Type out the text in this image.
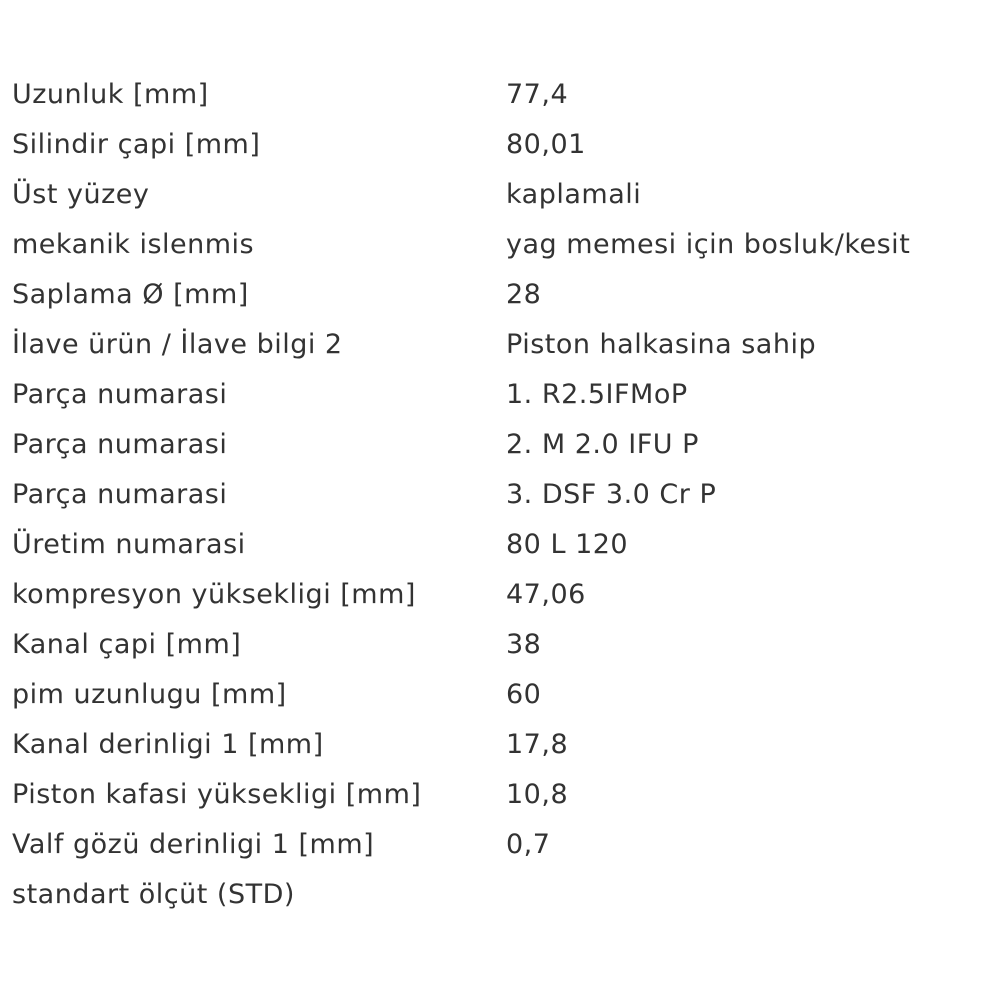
Uzunluk [mm]	77,4
Silindir çapi [mm]	80,01
Üst yüzey	kaplamali
mekanik islenmis	yag memesi için bosluk/kesit
Saplama Ø [mm]	28
İlave ürün / İlave bilgi 2	Piston halkasina sahip
Parça numarasi	1. R2.5IFMoP
Parça numarasi	2. M 2.0 IFU P
Parça numarasi	3. DSF 3.0 Cr P
Üretim numarasi	80 L 120
kompresyon yüksekligi [mm]	47,06
Kanal çapi [mm]	38
pim uzunlugu [mm]	60
Kanal derinligi 1 [mm]	17,8
Piston kafasi yüksekligi [mm]	10,8
Valf gözü derinligi 1 [mm]	0,7
standart ölçüt (STD)	
